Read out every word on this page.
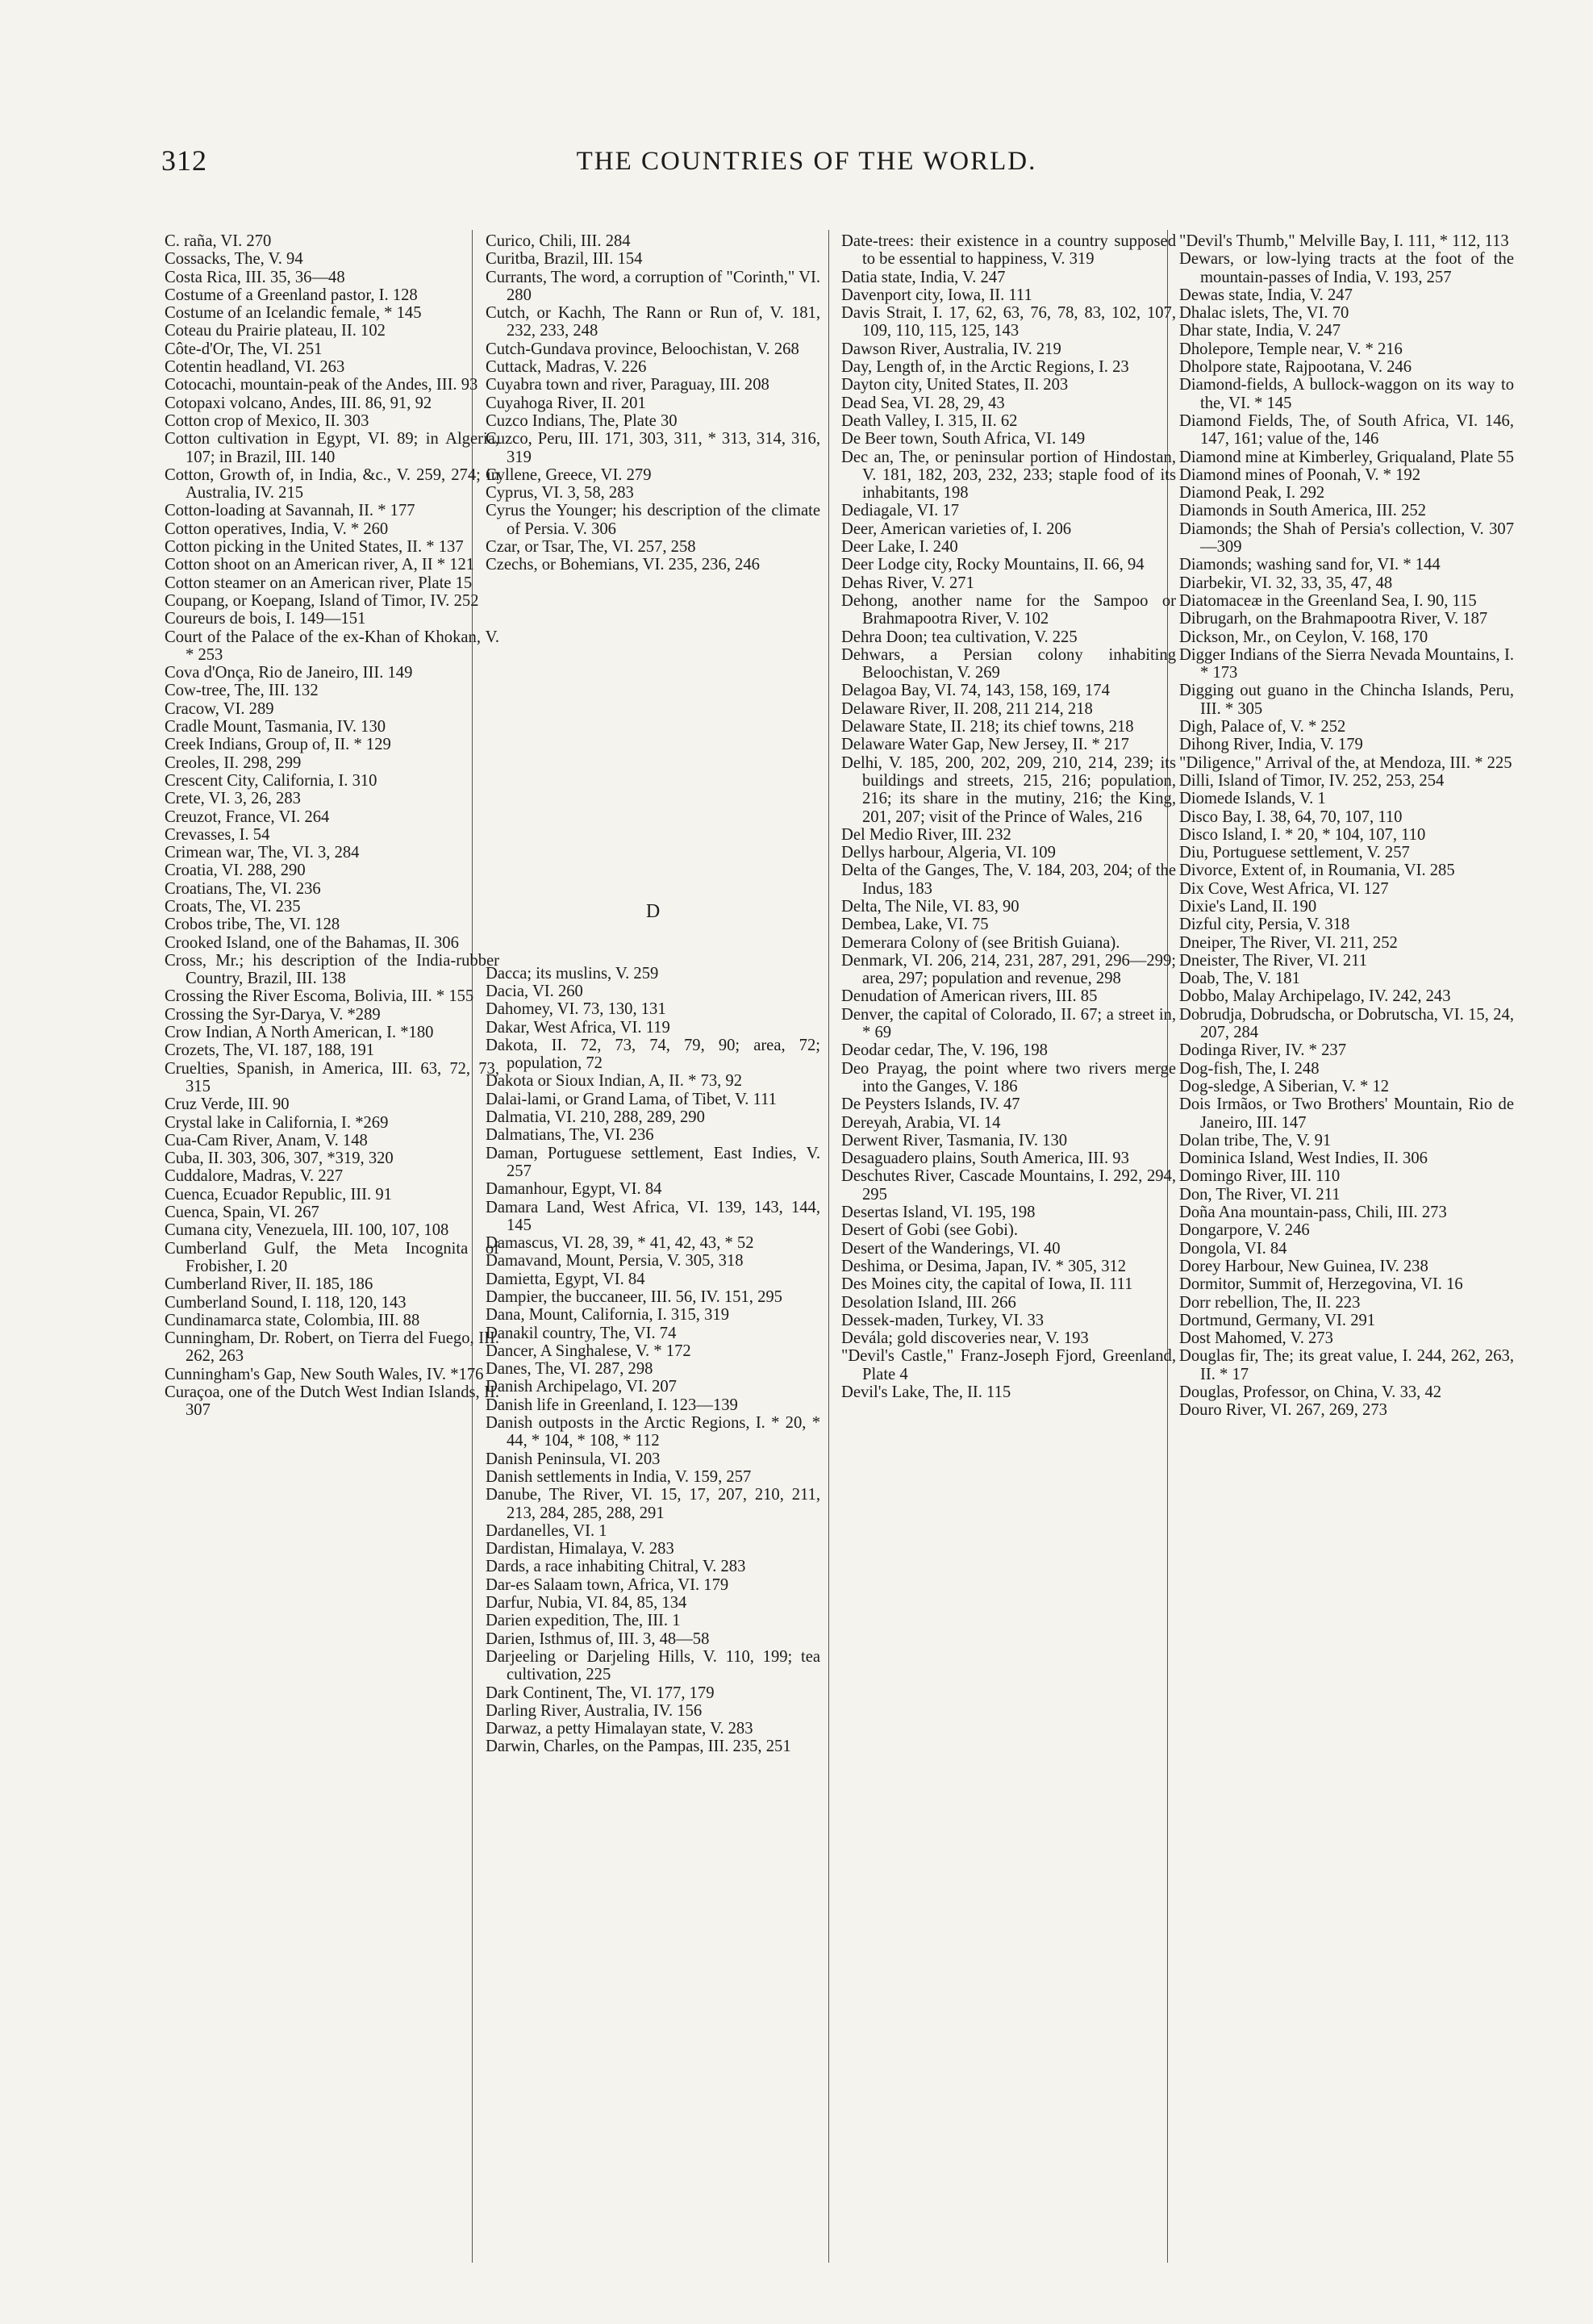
312	THE COUNTRIES OF THE WORLD.

C. raña, VI. 270

Cossacks, The, V. 94

Costa Rica, III. 35, 36—48

Costume of a Greenland pastor, I. 128

Costume of an Icelandic female, * 145

Coteau du Prairie plateau, II. 102

Côte-d'Or, The, VI. 251

Cotentin headland, VI. 263

Cotocachi, mountain-peak of the Andes, III. 93

Cotopaxi volcano, Andes, III. 86, 91, 92

Cotton crop of Mexico, II. 303

Cotton cultivation in Egypt, VI. 89; in Algeria, 107; in Brazil, III. 140

Cotton, Growth of, in India, &c., V. 259, 274; in Australia, IV. 215

Cotton-loading at Savannah, II. * 177

Cotton operatives, India, V. * 260

Cotton picking in the United States, II. * 137

Cotton shoot on an American river, A, II * 121

Cotton steamer on an American river, Plate 15

Coupang, or Koepang, Island of Timor, IV. 252

Coureurs de bois, I. 149—151

Court of the Palace of the ex-Khan of Khokan, V. * 253

Cova d'Onça, Rio de Janeiro, III. 149

Cow-tree, The, III. 132

Cracow, VI. 289

Cradle Mount, Tasmania, IV. 130

Creek Indians, Group of, II. * 129

Creoles, II. 298, 299

Crescent City, California, I. 310

Crete, VI. 3, 26, 283

Creuzot, France, VI. 264

Crevasses, I. 54

Crimean war, The, VI. 3, 284

Croatia, VI. 288, 290

Croatians, The, VI. 236

Croats, The, VI. 235

Crobos tribe, The, VI. 128

Crooked Island, one of the Bahamas, II. 306

Cross, Mr.; his description of the India-rubber Country, Brazil, III. 138

Crossing the River Escoma, Bolivia, III. * 155

Crossing the Syr-Darya, V. *289

Crow Indian, A North American, I. *180

Crozets, The, VI. 187, 188, 191

Cruelties, Spanish, in America, III. 63, 72, 73, 315

Cruz Verde, III. 90

Crystal lake in California, I. *269

Cua-Cam River, Anam, V. 148

Cuba, II. 303, 306, 307, *319, 320

Cuddalore, Madras, V. 227

Cuenca, Ecuador Republic, III. 91

Cuenca, Spain, VI. 267

Cumana city, Venezuela, III. 100, 107, 108

Cumberland Gulf, the Meta Incognita of Frobisher, I. 20

Cumberland River, II. 185, 186

Cumberland Sound, I. 118, 120, 143

Cundinamarca state, Colombia, III. 88

Cunningham, Dr. Robert, on Tierra del Fuego, III. 262, 263

Cunningham's Gap, New South Wales, IV. *176

Curaçoa, one of the Dutch West Indian Islands, II. 307

Curico, Chili, III. 284

Curitba, Brazil, III. 154

Currants, The word, a corruption of "Corinth," VI. 280

Cutch, or Kachh, The Rann or Run of, V. 181, 232, 233, 248

Cutch-Gundava province, Beloochistan, V. 268

Cuttack, Madras, V. 226

Cuyabra town and river, Paraguay, III. 208

Cuyahoga River, II. 201

Cuzco Indians, The, Plate 30

Cuzco, Peru, III. 171, 303, 311, * 313, 314, 316, 319

Cyllene, Greece, VI. 279

Cyprus, VI. 3, 58, 283

Cyrus the Younger; his description of the climate of Persia. V. 306

Czar, or Tsar, The, VI. 257, 258

Czechs, or Bohemians, VI. 235, 236, 246

D

Dacca; its muslins, V. 259

Dacia, VI. 260

Dahomey, VI. 73, 130, 131

Dakar, West Africa, VI. 119

Dakota, II. 72, 73, 74, 79, 90; area, 72; population, 72

Dakota or Sioux Indian, A, II. * 73, 92

Dalai-lami, or Grand Lama, of Tibet, V. 111

Dalmatia, VI. 210, 288, 289, 290

Dalmatians, The, VI. 236

Daman, Portuguese settlement, East Indies, V. 257

Damanhour, Egypt, VI. 84

Damara Land, West Africa, VI. 139, 143, 144, 145

Damascus, VI. 28, 39, * 41, 42, 43, * 52

Damavand, Mount, Persia, V. 305, 318

Damietta, Egypt, VI. 84

Dampier, the buccaneer, III. 56, IV. 151, 295

Dana, Mount, California, I. 315, 319

Danakil country, The, VI. 74

Dancer, A Singhalese, V. * 172

Danes, The, VI. 287, 298

Danish Archipelago, VI. 207

Danish life in Greenland, I. 123—139

Danish outposts in the Arctic Regions, I. * 20, * 44, * 104, * 108, * 112

Danish Peninsula, VI. 203

Danish settlements in India, V. 159, 257

Danube, The River, VI. 15, 17, 207, 210, 211, 213, 284, 285, 288, 291

Dardanelles, VI. 1

Dardistan, Himalaya, V. 283

Dards, a race inhabiting Chitral, V. 283

Dar-es Salaam town, Africa, VI. 179

Darfur, Nubia, VI. 84, 85, 134

Darien expedition, The, III. 1

Darien, Isthmus of, III. 3, 48—58

Darjeeling or Darjeling Hills, V. 110, 199; tea cultivation, 225

Dark Continent, The, VI. 177, 179

Darling River, Australia, IV. 156

Darwaz, a petty Himalayan state, V. 283

Darwin, Charles, on the Pampas, III. 235, 251

Date-trees: their existence in a country supposed to be essential to happiness, V. 319

Datia state, India, V. 247

Davenport city, Iowa, II. 111

Davis Strait, I. 17, 62, 63, 76, 78, 83, 102, 107, 109, 110, 115, 125, 143

Dawson River, Australia, IV. 219

Day, Length of, in the Arctic Regions, I. 23

Dayton city, United States, II. 203

Dead Sea, VI. 28, 29, 43

Death Valley, I. 315, II. 62

De Beer town, South Africa, VI. 149

Dec an, The, or peninsular portion of Hindostan, V. 181, 182, 203, 232, 233; staple food of its inhabitants, 198

Dediagale, VI. 17

Deer, American varieties of, I. 206

Deer Lake, I. 240

Deer Lodge city, Rocky Mountains, II. 66, 94

Dehas River, V. 271

Dehong, another name for the Sampoo or Brahmapootra River, V. 102

Dehra Doon; tea cultivation, V. 225

Dehwars, a Persian colony inhabiting Beloochistan, V. 269

Delagoa Bay, VI. 74, 143, 158, 169, 174

Delaware River, II. 208, 211 214, 218

Delaware State, II. 218; its chief towns, 218

Delaware Water Gap, New Jersey, II. * 217

Delhi, V. 185, 200, 202, 209, 210, 214, 239; its buildings and streets, 215, 216; population, 216; its share in the mutiny, 216; the King, 201, 207; visit of the Prince of Wales, 216

Del Medio River, III. 232

Dellys harbour, Algeria, VI. 109

Delta of the Ganges, The, V. 184, 203, 204; of the Indus, 183

Delta, The Nile, VI. 83, 90

Dembea, Lake, VI. 75

Demerara Colony of (see British Guiana).

Denmark, VI. 206, 214, 231, 287, 291, 296—299; area, 297; population and revenue, 298

Denudation of American rivers, III. 85

Denver, the capital of Colorado, II. 67; a street in, * 69

Deodar cedar, The, V. 196, 198

Deo Prayag, the point where two rivers merge into the Ganges, V. 186

De Peysters Islands, IV. 47

Dereyah, Arabia, VI. 14

Derwent River, Tasmania, IV. 130

Desaguadero plains, South America, III. 93

Deschutes River, Cascade Mountains, I. 292, 294, 295

Desertas Island, VI. 195, 198

Desert of Gobi (see Gobi).

Desert of the Wanderings, VI. 40

Deshima, or Desima, Japan, IV. * 305, 312

Des Moines city, the capital of Iowa, II. 111

Desolation Island, III. 266

Dessek-maden, Turkey, VI. 33

Devála; gold discoveries near, V. 193

"Devil's Castle," Franz-Joseph Fjord, Greenland, Plate 4

Devil's Lake, The, II. 115

"Devil's Thumb," Melville Bay, I. 111, * 112, 113

Dewars, or low-lying tracts at the foot of the mountain-passes of India, V. 193, 257

Dewas state, India, V. 247

Dhalac islets, The, VI. 70

Dhar state, India, V. 247

Dholepore, Temple near, V. * 216

Dholpore state, Rajpootana, V. 246

Diamond-fields, A bullock-waggon on its way to the, VI. * 145

Diamond Fields, The, of South Africa, VI. 146, 147, 161; value of the, 146

Diamond mine at Kimberley, Griqualand, Plate 55

Diamond mines of Poonah, V. * 192

Diamond Peak, I. 292

Diamonds in South America, III. 252

Diamonds; the Shah of Persia's collection, V. 307—309

Diamonds; washing sand for, VI. * 144

Diarbekir, VI. 32, 33, 35, 47, 48

Diatomaceæ in the Greenland Sea, I. 90, 115

Dibrugarh, on the Brahmapootra River, V. 187

Dickson, Mr., on Ceylon, V. 168, 170

Digger Indians of the Sierra Nevada Mountains, I. * 173

Digging out guano in the Chincha Islands, Peru, III. * 305

Digh, Palace of, V. * 252

Dihong River, India, V. 179

"Diligence," Arrival of the, at Mendoza, III. * 225

Dilli, Island of Timor, IV. 252, 253, 254

Diomede Islands, V. 1

Disco Bay, I. 38, 64, 70, 107, 110

Disco Island, I. * 20, * 104, 107, 110

Diu, Portuguese settlement, V. 257

Divorce, Extent of, in Roumania, VI. 285

Dix Cove, West Africa, VI. 127

Dixie's Land, II. 190

Dizful city, Persia, V. 318

Dneiper, The River, VI. 211, 252

Dneister, The River, VI. 211

Doab, The, V. 181

Dobbo, Malay Archipelago, IV. 242, 243

Dobrudja, Dobrudscha, or Dobrutscha, VI. 15, 24, 207, 284

Dodinga River, IV. * 237

Dog-fish, The, I. 248

Dog-sledge, A Siberian, V. * 12

Dois Irmãos, or Two Brothers' Mountain, Rio de Janeiro, III. 147

Dolan tribe, The, V. 91

Dominica Island, West Indies, II. 306

Domingo River, III. 110

Don, The River, VI. 211

Doña Ana mountain-pass, Chili, III. 273

Dongarpore, V. 246

Dongola, VI. 84

Dorey Harbour, New Guinea, IV. 238

Dormitor, Summit of, Herzegovina, VI. 16

Dorr rebellion, The, II. 223

Dortmund, Germany, VI. 291

Dost Mahomed, V. 273

Douglas fir, The; its great value, I. 244, 262, 263, II. * 17

Douglas, Professor, on China, V. 33, 42

Douro River, VI. 267, 269, 273
